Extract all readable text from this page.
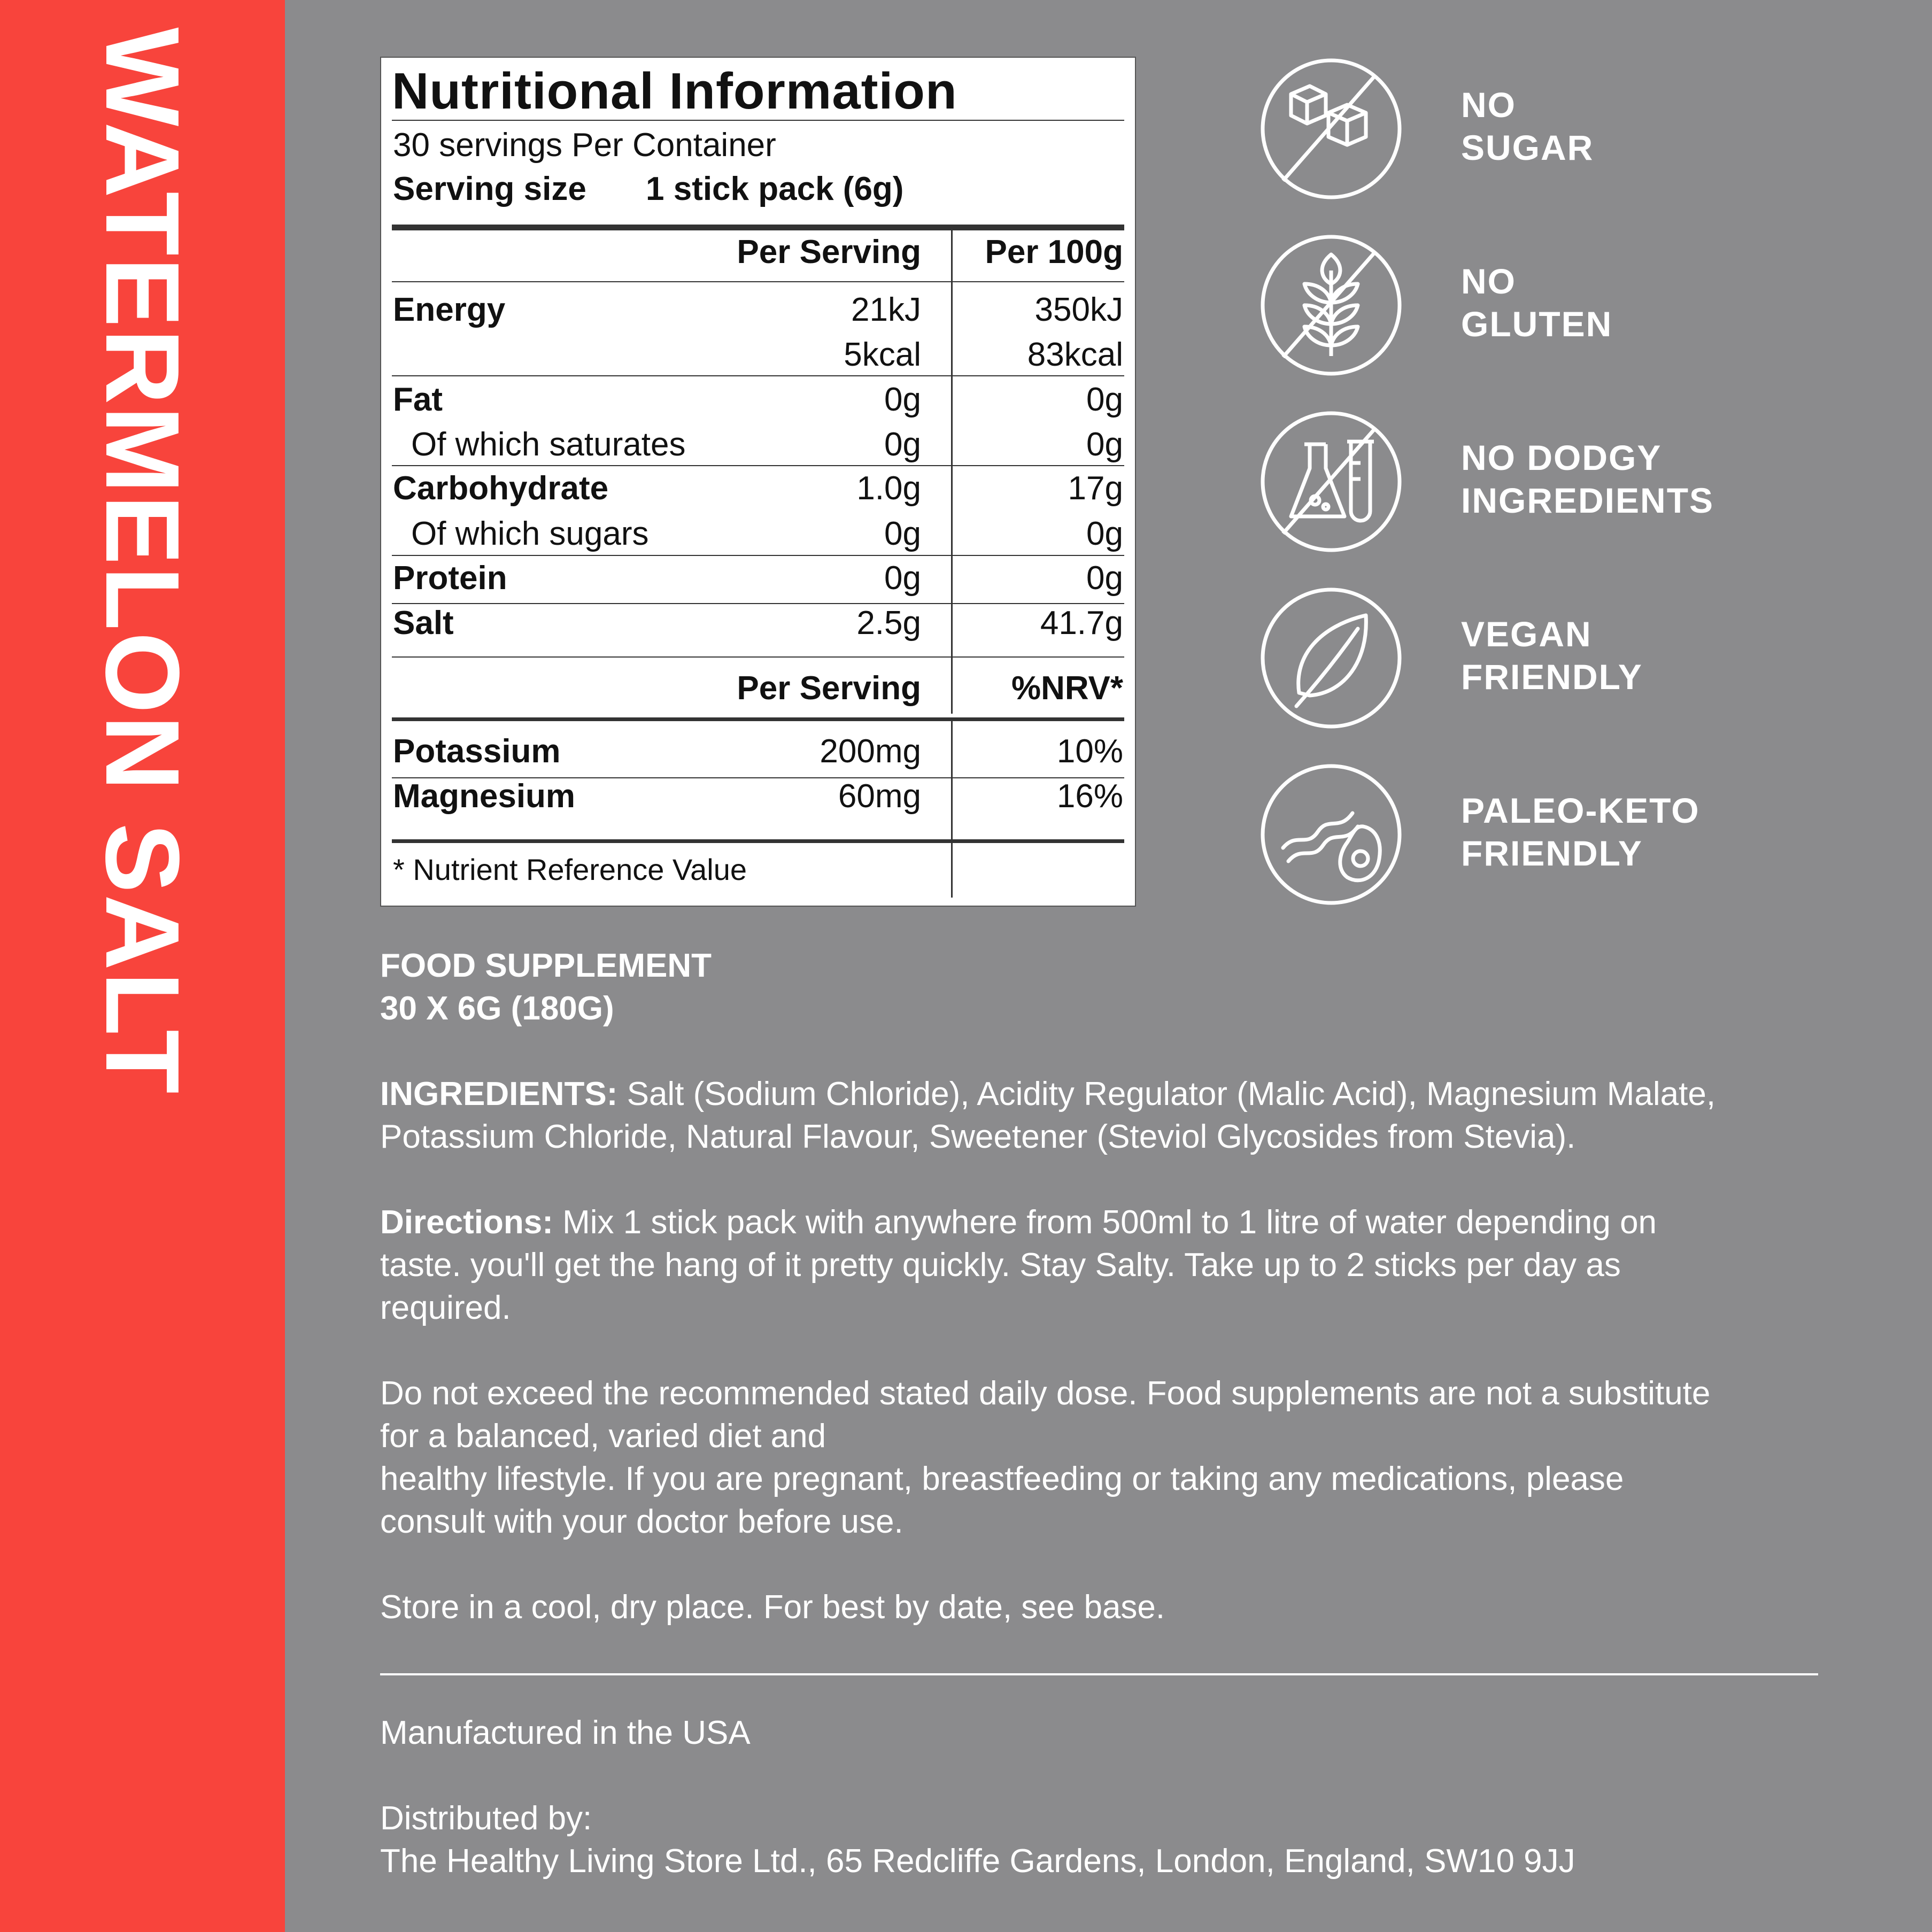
WATERMELON SALT	Nutritional Information
30 servings Per Container
Serving size 1 stick pack (6g)
Per Serving Per 100g
Energy	21kJ	350kJ
5kcal	83kcal
Fat	0g	0g
Of which saturates	0g	0g
Carbohydrate	1.0g	17g
Of which sugars	0g	0g
Protein	0g	0g
Salt	2.5g	41.7g
Per Serving	%NRV*
Potassium	200mg	10%
Magnesium	60mg	16%
* Nutrient Reference Value
NO
SUGAR
NO
GLUTEN
NO DODGY
INGREDIENTS
VEGAN
FRIENDLY
PALEO-KETO
FRIENDLY
FOOD SUPPLEMENT
30 X 6G (180G)
INGREDIENTS: Salt (Sodium Chloride), Acidity Regulator (Malic Acid), Magnesium Malate,
Potassium Chloride, Natural Flavour, Sweetener (Steviol Glycosides from Stevia).
Directions: Mix 1 stick pack with anywhere from 500ml to 1 litre of water depending on
taste. you'll get the hang of it pretty quickly. Stay Salty. Take up to 2 sticks per day as
required.
Do not exceed the recommended stated daily dose. Food supplements are not a substitute
for a balanced, varied diet and
healthy lifestyle. If you are pregnant, breastfeeding or taking any medications, please
consult with your doctor before use.
Store in a cool, dry place. For best by date, see base.
Manufactured in the USA
Distributed by:
The Healthy Living Store Ltd., 65 Redcliffe Gardens, London, England, SW10 9JJ
